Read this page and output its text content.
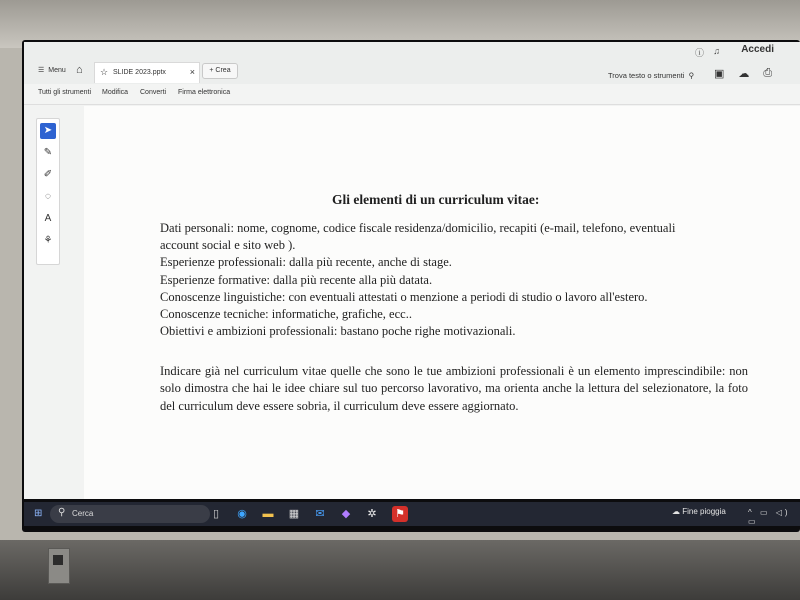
ⓘ ♫ Accedi
☰ Menu ⌂ ☆ SLIDE 2023.pptx	×	+ Crea
Trova testo o strumenti  ⚲ ▣ ☁ ⎙
Tutti gli strumenti Modifica Converti Firma elettronica
➤
✎
✐
◌
A
⚘
Gli elementi di un curriculum vitae:
Dati personali: nome, cognome, codice fiscale residenza/domicilio, recapiti (e-mail, telefono, eventuali
account social e sito web ).
Esperienze professionali: dalla più recente, anche di stage.
Esperienze formative: dalla più recente alla più datata.
Conoscenze linguistiche: con eventuali attestati o menzione a periodi di studio o lavoro all'estero.
Conoscenze tecniche: informatiche, grafiche, ecc..
Obiettivi e ambizioni professionali: bastano poche righe motivazionali.
Indicare già nel curriculum vitae quelle che sono le tue ambizioni professionali è un elemento imprescindibile: non solo dimostra che hai le idee chiare sul tuo percorso lavorativo, ma orienta anche la lettura del selezionatore, la foto del curriculum deve essere sobria, il curriculum deve essere aggiornato.
⊞ ⚲ Cerca	▯	◉ ▬ ▦	✉	◆	✲	⚑	☁ Fine pioggia	^ ▭ ◁) ▭
